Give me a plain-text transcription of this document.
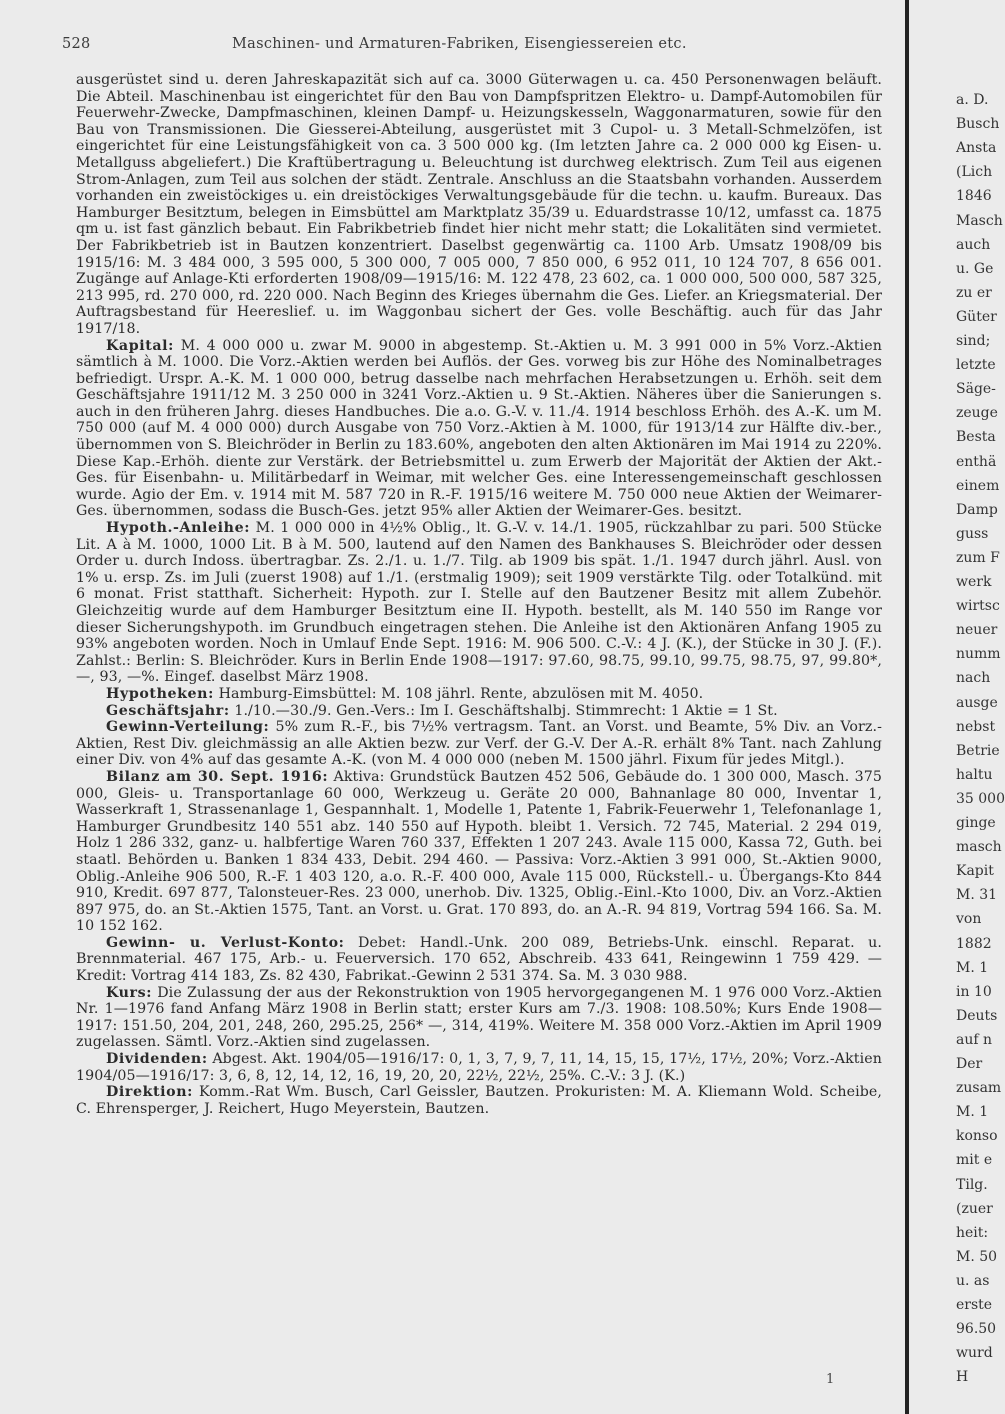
528	Maschinen- und Armaturen-Fabriken, Eisengiessereien etc.

ausgerüstet sind u. deren Jahreskapazität sich auf ca. 3000 Güterwagen u. ca. 450 Personenwagen beläuft. Die Abteil. Maschinenbau ist eingerichtet für den Bau von Dampfspritzen Elektro- u. Dampf-Automobilen für Feuerwehr-Zwecke, Dampfmaschinen, kleinen Dampf- u. Heizungskesseln, Waggonarmaturen, sowie für den Bau von Transmissionen. Die Giesserei-Abteilung, ausgerüstet mit 3 Cupol- u. 3 Metall-Schmelzöfen, ist eingerichtet für eine Leistungsfähigkeit von ca. 3 500 000 kg. (Im letzten Jahre ca. 2 000 000 kg Eisen- u. Metallguss abgeliefert.) Die Kraftübertragung u. Beleuchtung ist durchweg elektrisch. Zum Teil aus eigenen Strom-Anlagen, zum Teil aus solchen der städt. Zentrale. Anschluss an die Staatsbahn vorhanden. Ausserdem vorhanden ein zweistöckiges u. ein dreistöckiges Verwaltungsgebäude für die techn. u. kaufm. Bureaux. Das Hamburger Besitztum, belegen in Eimsbüttel am Marktplatz 35/39 u. Eduardstrasse 10/12, umfasst ca. 1875 qm u. ist fast gänzlich bebaut. Ein Fabrikbetrieb findet hier nicht mehr statt; die Lokalitäten sind vermietet. Der Fabrikbetrieb ist in Bautzen konzentriert. Daselbst gegenwärtig ca. 1100 Arb. Umsatz 1908/09 bis 1915/16: M. 3 484 000, 3 595 000, 5 300 000, 7 005 000, 7 850 000, 6 952 011, 10 124 707, 8 656 001. Zugänge auf Anlage-Kti erforderten 1908/09—1915/16: M. 122 478, 23 602, ca. 1 000 000, 500 000, 587 325, 213 995, rd. 270 000, rd. 220 000. Nach Beginn des Krieges übernahm die Ges. Liefer. an Kriegsmaterial. Der Auftragsbestand für Heereslief. u. im Waggonbau sichert der Ges. volle Beschäftig. auch für das Jahr 1917/18.

Kapital: M. 4 000 000 u. zwar M. 9000 in abgestemp. St.-Aktien u. M. 3 991 000 in 5% Vorz.-Aktien sämtlich à M. 1000. Die Vorz.-Aktien werden bei Auflös. der Ges. vorweg bis zur Höhe des Nominalbetrages befriedigt. Urspr. A.-K. M. 1 000 000, betrug dasselbe nach mehrfachen Herabsetzungen u. Erhöh. seit dem Geschäftsjahre 1911/12 M. 3 250 000 in 3241 Vorz.-Aktien u. 9 St.-Aktien. Näheres über die Sanierungen s. auch in den früheren Jahrg. dieses Handbuches. Die a.o. G.-V. v. 11./4. 1914 beschloss Erhöh. des A.-K. um M. 750 000 (auf M. 4 000 000) durch Ausgabe von 750 Vorz.-Aktien à M. 1000, für 1913/14 zur Hälfte div.-ber., übernommen von S. Bleichröder in Berlin zu 183.60%, angeboten den alten Aktionären im Mai 1914 zu 220%. Diese Kap.-Erhöh. diente zur Verstärk. der Betriebsmittel u. zum Erwerb der Majorität der Aktien der Akt.-Ges. für Eisenbahn- u. Militärbedarf in Weimar, mit welcher Ges. eine Interessengemeinschaft geschlossen wurde. Agio der Em. v. 1914 mit M. 587 720 in R.-F. 1915/16 weitere M. 750 000 neue Aktien der Weimarer-Ges. übernommen, sodass die Busch-Ges. jetzt 95% aller Aktien der Weimarer-Ges. besitzt.

Hypoth.-Anleihe: M. 1 000 000 in 4½% Oblig., lt. G.-V. v. 14./1. 1905, rückzahlbar zu pari. 500 Stücke Lit. A à M. 1000, 1000 Lit. B à M. 500, lautend auf den Namen des Bankhauses S. Bleichröder oder dessen Order u. durch Indoss. übertragbar. Zs. 2./1. u. 1./7. Tilg. ab 1909 bis spät. 1./1. 1947 durch jährl. Ausl. von 1% u. ersp. Zs. im Juli (zuerst 1908) auf 1./1. (erstmalig 1909); seit 1909 verstärkte Tilg. oder Totalkünd. mit 6 monat. Frist statthaft. Sicherheit: Hypoth. zur I. Stelle auf den Bautzener Besitz mit allem Zubehör. Gleichzeitig wurde auf dem Hamburger Besitztum eine II. Hypoth. bestellt, als M. 140 550 im Range vor dieser Sicherungshypoth. im Grundbuch eingetragen stehen. Die Anleihe ist den Aktionären Anfang 1905 zu 93% angeboten worden. Noch in Umlauf Ende Sept. 1916: M. 906 500. C.-V.: 4 J. (K.), der Stücke in 30 J. (F.). Zahlst.: Berlin: S. Bleichröder. Kurs in Berlin Ende 1908—1917: 97.60, 98.75, 99.10, 99.75, 98.75, 97, 99.80*, —, 93, —%. Eingef. daselbst März 1908.

Hypotheken: Hamburg-Eimsbüttel: M. 108 jährl. Rente, abzulösen mit M. 4050.

Geschäftsjahr: 1./10.—30./9. Gen.-Vers.: Im I. Geschäftshalbj. Stimmrecht: 1 Aktie = 1 St.

Gewinn-Verteilung: 5% zum R.-F., bis 7½% vertragsm. Tant. an Vorst. und Beamte, 5% Div. an Vorz.-Aktien, Rest Div. gleichmässig an alle Aktien bezw. zur Verf. der G.-V. Der A.-R. erhält 8% Tant. nach Zahlung einer Div. von 4% auf das gesamte A.-K. (von M. 4 000 000 (neben M. 1500 jährl. Fixum für jedes Mitgl.).

Bilanz am 30. Sept. 1916: Aktiva: Grundstück Bautzen 452 506, Gebäude do. 1 300 000, Masch. 375 000, Gleis- u. Transportanlage 60 000, Werkzeug u. Geräte 20 000, Bahnanlage 80 000, Inventar 1, Wasserkraft 1, Strassenanlage 1, Gespannhalt. 1, Modelle 1, Patente 1, Fabrik-Feuerwehr 1, Telefonanlage 1, Hamburger Grundbesitz 140 551 abz. 140 550 auf Hypoth. bleibt 1. Versich. 72 745, Material. 2 294 019, Holz 1 286 332, ganz- u. halbfertige Waren 760 337, Effekten 1 207 243. Avale 115 000, Kassa 72, Guth. bei staatl. Behörden u. Banken 1 834 433, Debit. 294 460. — Passiva: Vorz.-Aktien 3 991 000, St.-Aktien 9000, Oblig.-Anleihe 906 500, R.-F. 1 403 120, a.o. R.-F. 400 000, Avale 115 000, Rückstell.- u. Übergangs-Kto 844 910, Kredit. 697 877, Talonsteuer-Res. 23 000, unerhob. Div. 1325, Oblig.-Einl.-Kto 1000, Div. an Vorz.-Aktien 897 975, do. an St.-Aktien 1575, Tant. an Vorst. u. Grat. 170 893, do. an A.-R. 94 819, Vortrag 594 166. Sa. M. 10 152 162.

Gewinn- u. Verlust-Konto: Debet: Handl.-Unk. 200 089, Betriebs-Unk. einschl. Reparat. u. Brennmaterial. 467 175, Arb.- u. Feuerversich. 170 652, Abschreib. 433 641, Reingewinn 1 759 429. — Kredit: Vortrag 414 183, Zs. 82 430, Fabrikat.-Gewinn 2 531 374. Sa. M. 3 030 988.

Kurs: Die Zulassung der aus der Rekonstruktion von 1905 hervorgegangenen M. 1 976 000 Vorz.-Aktien Nr. 1—1976 fand Anfang März 1908 in Berlin statt; erster Kurs am 7./3. 1908: 108.50%; Kurs Ende 1908—1917: 151.50, 204, 201, 248, 260, 295.25, 256* —, 314, 419%. Weitere M. 358 000 Vorz.-Aktien im April 1909 zugelassen. Sämtl. Vorz.-Aktien sind zugelassen.

Dividenden: Abgest. Akt. 1904/05—1916/17: 0, 1, 3, 7, 9, 7, 11, 14, 15, 15, 17½, 17½, 20%; Vorz.-Aktien 1904/05—1916/17: 3, 6, 8, 12, 14, 12, 16, 19, 20, 20, 22½, 22½, 25%. C.-V.: 3 J. (K.)

Direktion: Komm.-Rat Wm. Busch, Carl Geissler, Bautzen. Prokuristen: M. A. Kliemann Wold. Scheibe, C. Ehrensperger, J. Reichert, Hugo Meyerstein, Bautzen.

a. D.
Busch
Ansta
(Lich
1846
Masch
auch
u. Ge
zu er
Güter
sind;
letzte
Säge-
zeuge
Besta
enthä
einem
Damp
guss
zum F
werk
wirtsc
neuer
numm
nach
ausge
nebst
Betrie
haltu
35 000
ginge
masch
Kapit
M. 31
von
1882
M. 1
in 10
Deuts
auf n
Der
zusam
M. 1
konso
mit e
Tilg.
(zuer
heit:
M. 50
u. as
erste
96.50
wurd
H
1
